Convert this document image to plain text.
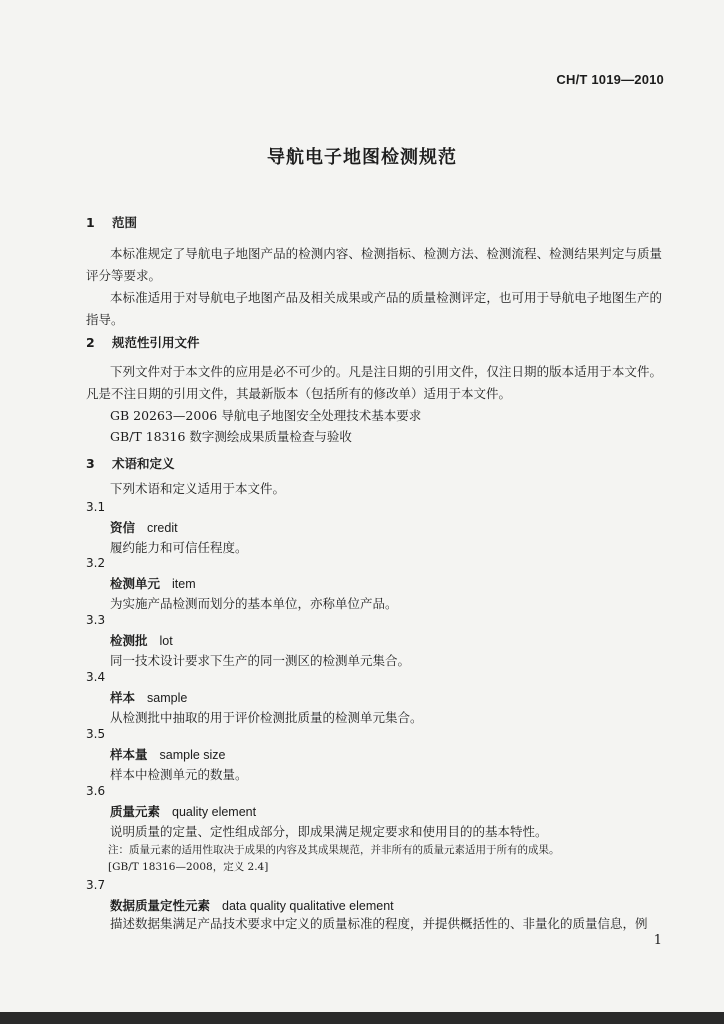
CH/T 1019—2010
导航电子地图检测规范
1 范围
本标准规定了导航电子地图产品的检测内容、检测指标、检测方法、检测流程、检测结果判定与质量评分等要求。
本标准适用于对导航电子地图产品及相关成果或产品的质量检测评定，也可用于导航电子地图生产的指导。
2 规范性引用文件
下列文件对于本文件的应用是必不可少的。凡是注日期的引用文件，仅注日期的版本适用于本文件。凡是不注日期的引用文件，其最新版本（包括所有的修改单）适用于本文件。
GB 20263—2006 导航电子地图安全处理技术基本要求
GB/T 18316 数字测绘成果质量检查与验收
3 术语和定义
下列术语和定义适用于本文件。
3.1
资信 credit
履约能力和可信任程度。
3.2
检测单元 item
为实施产品检测而划分的基本单位，亦称单位产品。
3.3
检测批 lot
同一技术设计要求下生产的同一测区的检测单元集合。
3.4
样本 sample
从检测批中抽取的用于评价检测批质量的检测单元集合。
3.5
样本量 sample size
样本中检测单元的数量。
3.6
质量元素 quality element
说明质量的定量、定性组成部分，即成果满足规定要求和使用目的的基本特性。
注：质量元素的适用性取决于成果的内容及其成果规范，并非所有的质量元素适用于所有的成果。
[GB/T 18316—2008，定义 2.4]
3.7
数据质量定性元素 data quality qualitative element
描述数据集满足产品技术要求中定义的质量标准的程度，并提供概括性的、非量化的质量信息，例
1
